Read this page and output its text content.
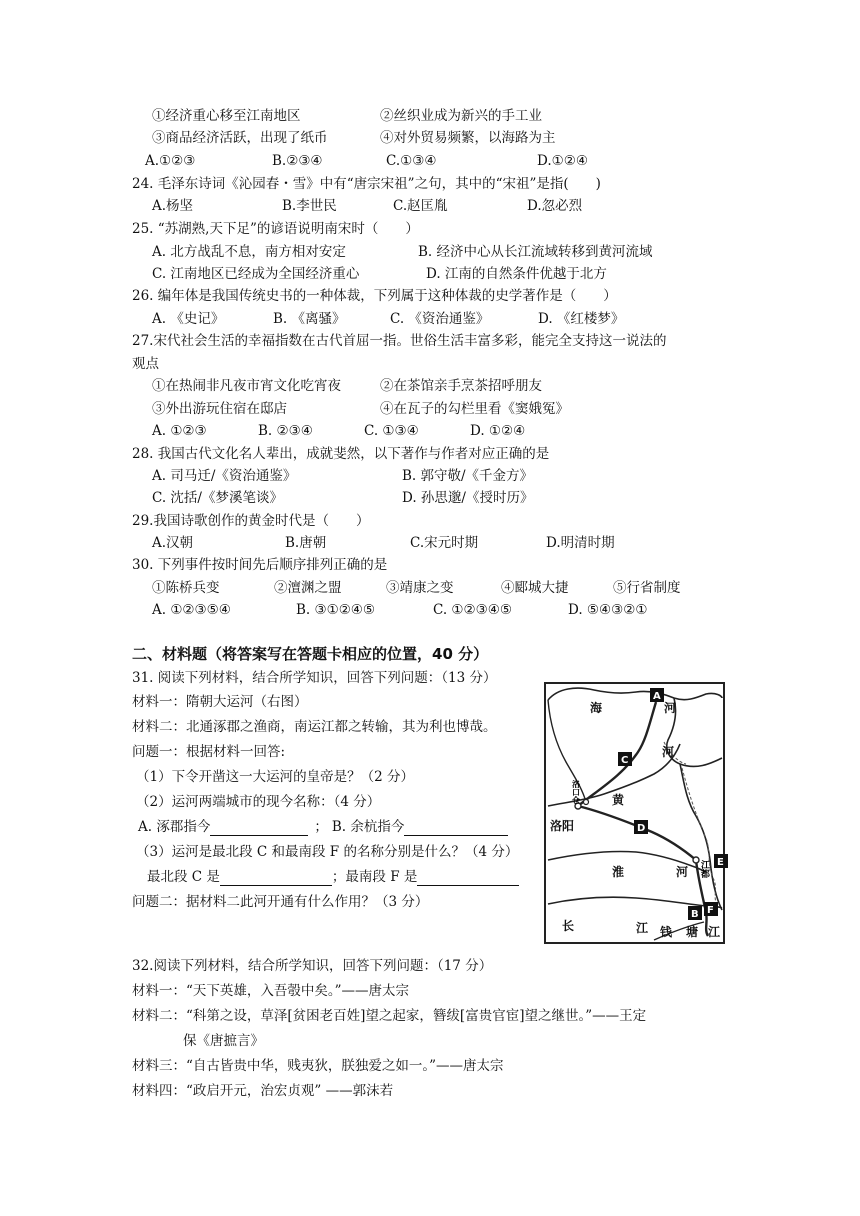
①经济重心移至江南地区	②丝织业成为新兴的手工业
③商品经济活跃，出现了纸币	④对外贸易频繁，以海路为主
A.①②③	B.②③④	C.①③④	D.①②④
24. 毛泽东诗词《沁园春・雪》中有“唐宗宋祖”之句，其中的“宋祖”是指(　　)
A.杨坚	B.李世民	C.赵匡胤	D.忽必烈
25. “苏湖熟,天下足”的谚语说明南宋时（　　）
A. 北方战乱不息，南方相对安定	B. 经济中心从长江流域转移到黄河流域
C. 江南地区已经成为全国经济重心	D. 江南的自然条件优越于北方
26. 编年体是我国传统史书的一种体裁，下列属于这种体裁的史学著作是（　　）
A. 《史记》	B. 《离骚》	C. 《资治通鉴》	D. 《红楼梦》
27.宋代社会生活的幸福指数在古代首屈一指。世俗生活丰富多彩，能完全支持这一说法的
观点
①在热闹非凡夜市宵文化吃宵夜	②在茶馆亲手烹茶招呼朋友
③外出游玩住宿在邸店	④在瓦子的勾栏里看《窦娥冤》
A. ①②③	B. ②③④	C. ①③④	D. ①②④
28. 我国古代文化名人辈出，成就斐然，以下著作与作者对应正确的是
A. 司马迁/《资治通鉴》	B. 郭守敬/《千金方》
C. 沈括/《梦溪笔谈》	D. 孙思邈/《授时历》
29.我国诗歌创作的黄金时代是（　　）
A.汉朝	B.唐朝	C.宋元时期	D.明清时期
30. 下列事件按时间先后顺序排列正确的是
①陈桥兵变	②澶渊之盟	③靖康之变	④郾城大捷	⑤行省制度
A. ①②③⑤④	B. ③①②④⑤	C. ①②③④⑤	D. ⑤④③②①
二、材料题（将答案写在答题卡相应的位置，40 分）
31. 阅读下列材料，结合所学知识，回答下列问题：（13 分）
材料一：隋朝大运河（右图）
材料二：北通涿郡之渔商，南运江都之转输，其为利也博哉。
问题一：根据材料一回答:
（1）下令开凿这一大运河的皇帝是？（2 分）
（2）运河两端城市的现今名称：（4 分）
A. 涿郡指今	； B. 余杭指今
（3）运河是最北段 C 和最南段 F 的名称分别是什么？（4 分）
最北段 C 是	；最南段 F 是
问题二：据材料二此河开通有什么作用？（3 分）
海	河
河
黄
淮	河
长	江 钱 塘 江
洛阳
洛口仓
江都
A
C
D
E
F
B
32.阅读下列材料，结合所学知识，回答下列问题：（17 分）
材料一：“天下英雄，入吾彀中矣。”——唐太宗
材料二：“科第之设，草泽[贫困老百姓]望之起家，簪绂[富贵官宦]望之继世。”——王定
保《唐摭言》
材料三：“自古皆贵中华，贱夷狄，朕独爱之如一。”——唐太宗
材料四：“政启开元，治宏贞观” ——郭沫若
